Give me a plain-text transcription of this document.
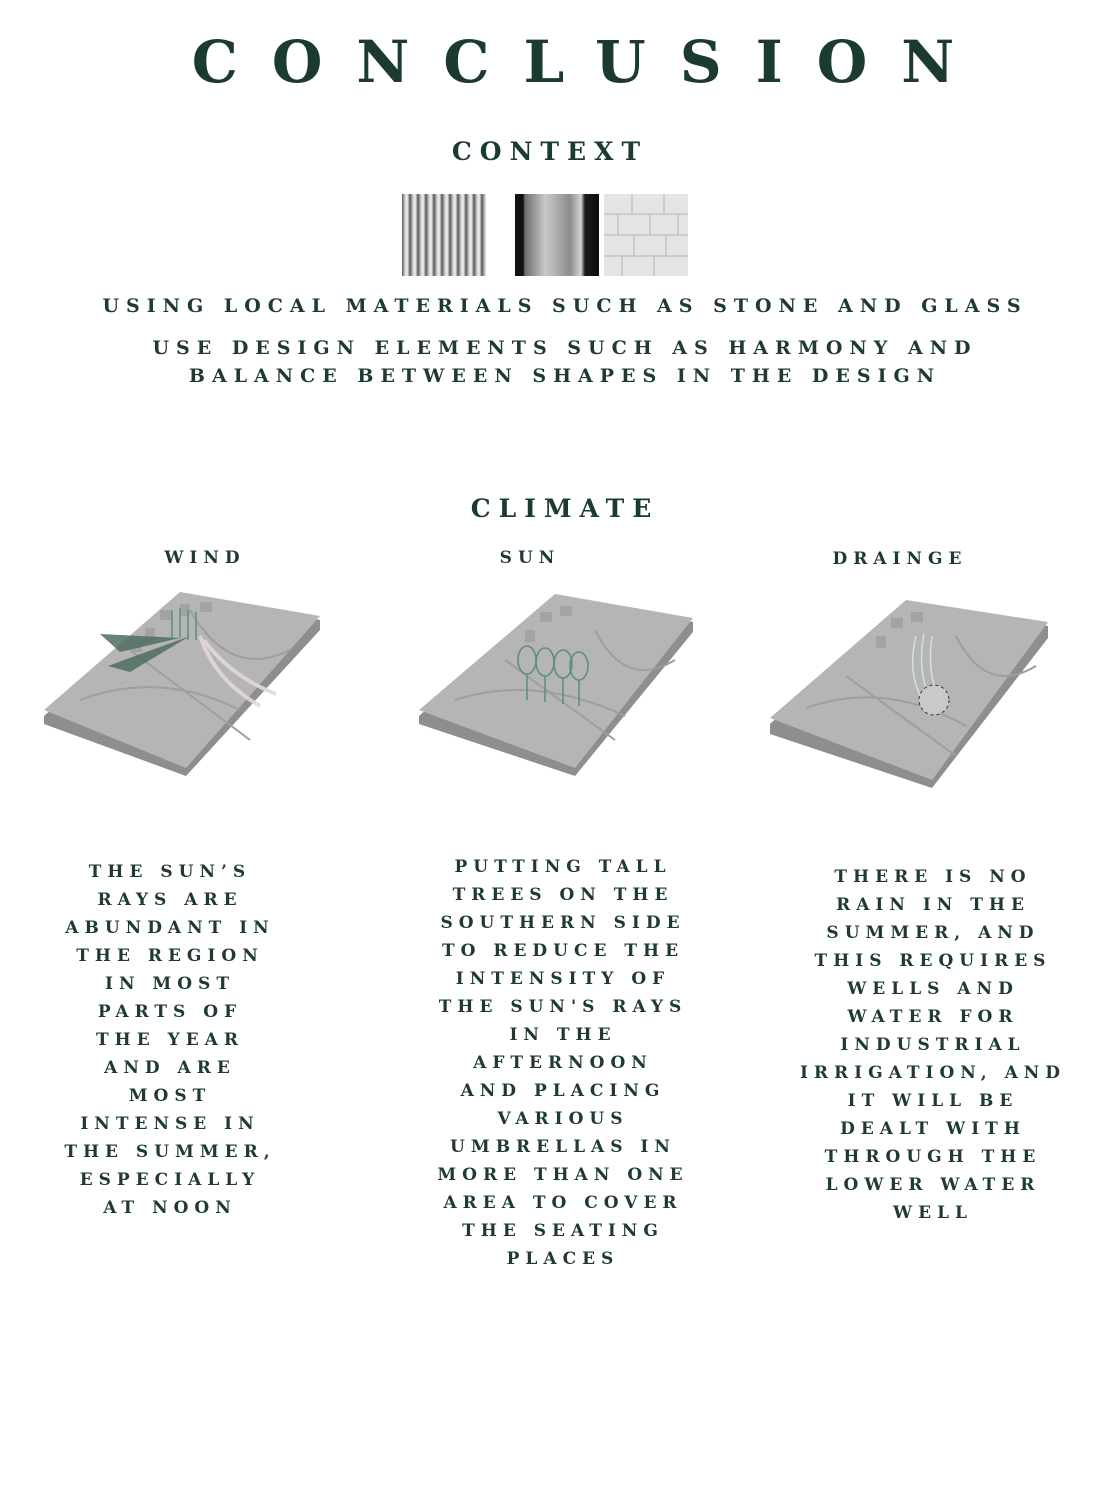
CONCLUSION
CONTEXT
USING LOCAL MATERIALS SUCH AS STONE AND GLASS
USE DESIGN ELEMENTS SUCH AS HARMONY AND
BALANCE BETWEEN SHAPES IN THE DESIGN
CLIMATE
WIND	SUN	DRAINGE
THE SUN’S
RAYS ARE
ABUNDANT IN
THE REGION
IN MOST
PARTS OF
THE YEAR
AND ARE
MOST
INTENSE IN
THE SUMMER,
ESPECIALLY
AT NOON
PUTTING TALL
TREES ON THE
SOUTHERN SIDE
TO REDUCE THE
INTENSITY OF
THE SUN'S RAYS
IN THE
AFTERNOON
AND PLACING
VARIOUS
UMBRELLAS IN
MORE THAN ONE
AREA TO COVER
THE SEATING
PLACES
THERE IS NO
RAIN IN THE
SUMMER, AND
THIS REQUIRES
WELLS AND
WATER FOR
INDUSTRIAL
IRRIGATION, AND
IT WILL BE
DEALT WITH
THROUGH THE
LOWER WATER
WELL
